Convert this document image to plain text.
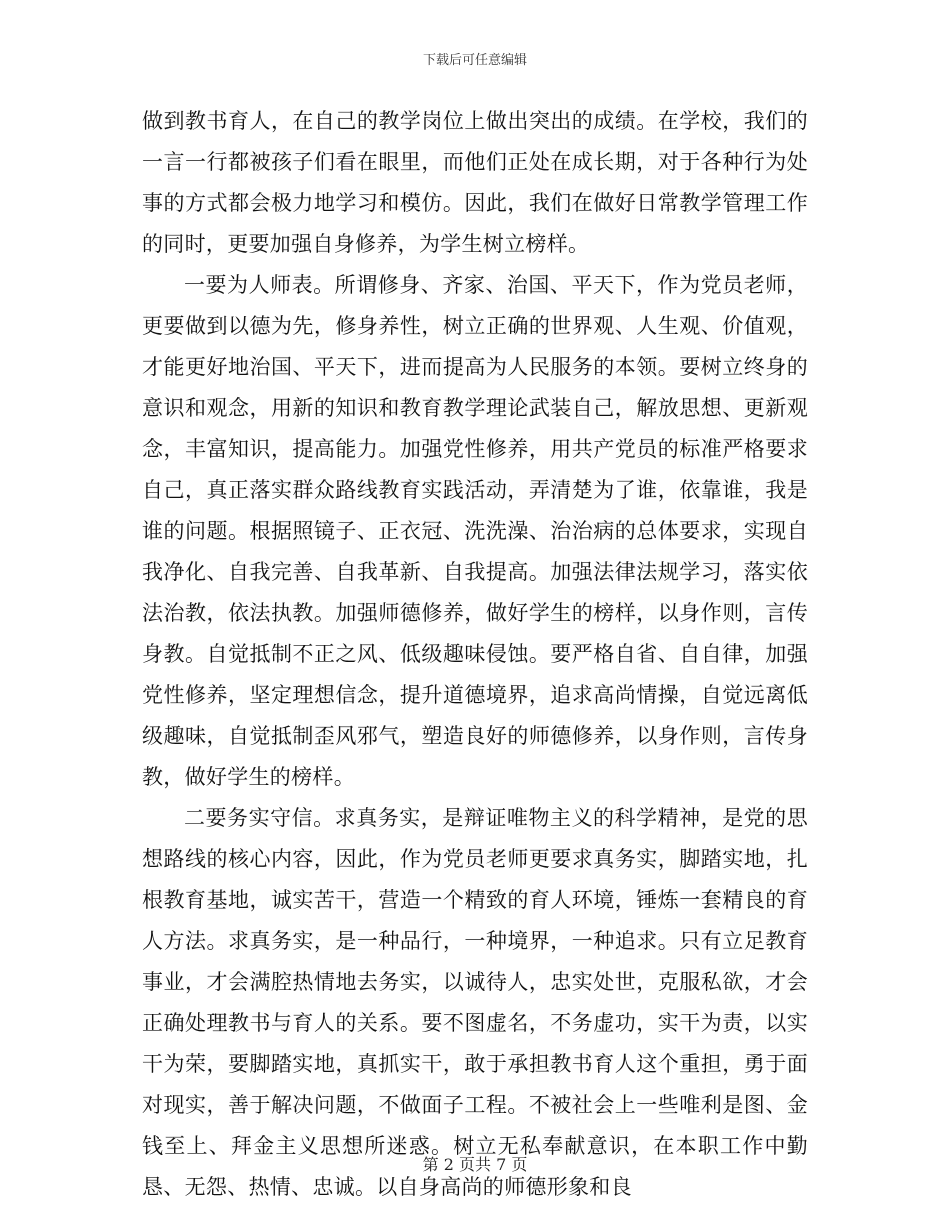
下载后可任意编辑

做到教书育人，在自己的教学岗位上做出突出的成绩。在学校，我们的一言一行都被孩子们看在眼里，而他们正处在成长期，对于各种行为处事的方式都会极力地学习和模仿。因此，我们在做好日常教学管理工作的同时，更要加强自身修养，为学生树立榜样。

一要为人师表。所谓修身、齐家、治国、平天下，作为党员老师，更要做到以德为先，修身养性，树立正确的世界观、人生观、价值观，才能更好地治国、平天下，进而提高为人民服务的本领。要树立终身的意识和观念，用新的知识和教育教学理论武装自己，解放思想、更新观念，丰富知识，提高能力。加强党性修养，用共产党员的标准严格要求自己，真正落实群众路线教育实践活动，弄清楚为了谁，依靠谁，我是谁的问题。根据照镜子、正衣冠、洗洗澡、治治病的总体要求，实现自我净化、自我完善、自我革新、自我提高。加强法律法规学习，落实依法治教，依法执教。加强师德修养，做好学生的榜样，以身作则，言传身教。自觉抵制不正之风、低级趣味侵蚀。要严格自省、自自律，加强党性修养，坚定理想信念，提升道德境界，追求高尚情操，自觉远离低级趣味，自觉抵制歪风邪气，塑造良好的师德修养，以身作则，言传身教，做好学生的榜样。

二要务实守信。求真务实，是辩证唯物主义的科学精神，是党的思想路线的核心内容，因此，作为党员老师更要求真务实，脚踏实地，扎根教育基地，诚实苦干，营造一个精致的育人环境，锤炼一套精良的育人方法。求真务实，是一种品行，一种境界，一种追求。只有立足教育事业，才会满腔热情地去务实，以诚待人，忠实处世，克服私欲，才会正确处理教书与育人的关系。要不图虚名，不务虚功，实干为责，以实干为荣，要脚踏实地，真抓实干，敢于承担教书育人这个重担，勇于面对现实，善于解决问题，不做面子工程。不被社会上一些唯利是图、金钱至上、拜金主义思想所迷惑。树立无私奉献意识，在本职工作中勤恳、无怨、热情、忠诚。以自身高尚的师德形象和良

第 2 页共 7 页
